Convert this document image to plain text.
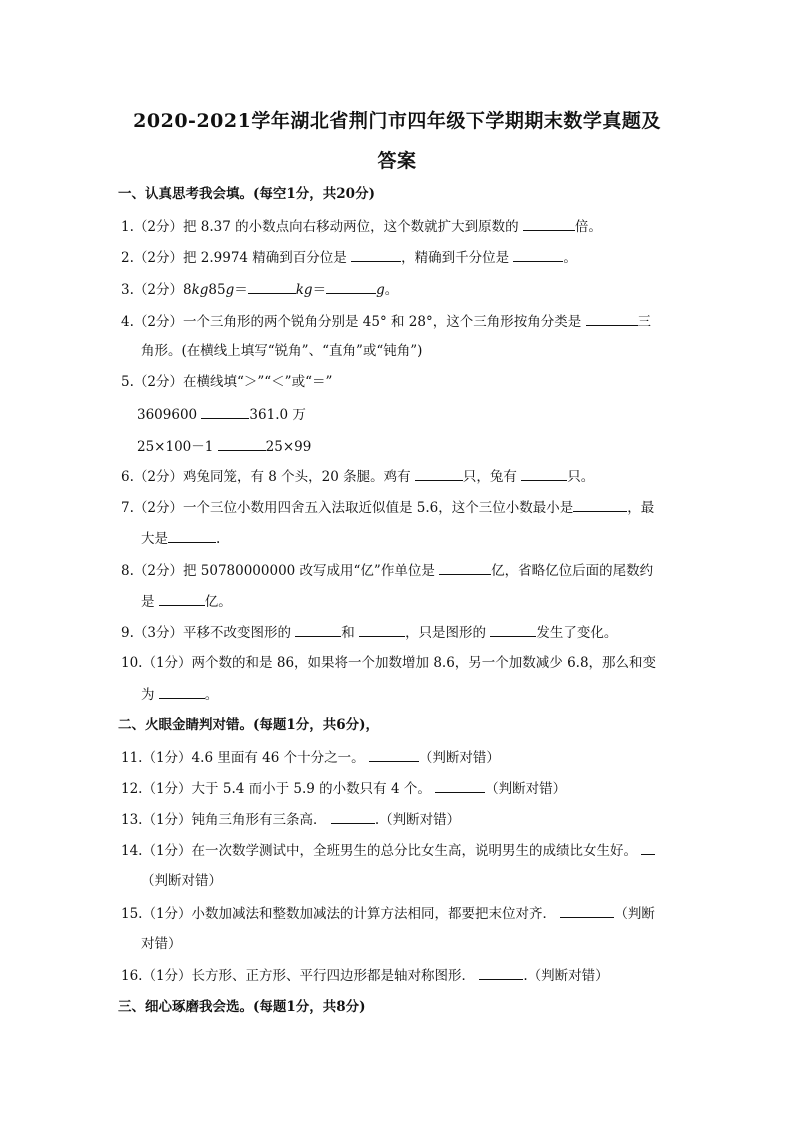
2020-2021学年湖北省荆门市四年级下学期期末数学真题及
答案
一、认真思考我会填。(每空1分，共20分)
1.（2分）把 8.37 的小数点向右移动两位，这个数就扩大到原数的	倍。
2.（2分）把 2.9974 精确到百分位是	，精确到千分位是	。
3.（2分）8kg85g＝	kg＝	g。
4.（2分）一个三角形的两个锐角分别是 45° 和 28°，这个三角形按角分类是	三
角形。(在横线上填写“锐角”、“直角”或“钝角”)
5.（2分）在横线填“＞”“＜”或“＝”
3609600	361.0 万
25×100－1	25×99
6.（2分）鸡兔同笼，有 8 个头，20 条腿。鸡有	只，兔有	只。
7.（2分）一个三位小数用四舍五入法取近似值是 5.6，这个三位小数最小是	，最
大是	.
8.（2分）把 50780000000 改写成用“亿”作单位是	亿，省略亿位后面的尾数约
是	亿。
9.（3分）平移不改变图形的	和	，只是图形的	发生了变化。
10.（1分）两个数的和是 86，如果将一个加数增加 8.6，另一个加数减少 6.8，那么和变
为	。
二、火眼金睛判对错。(每题1分，共6分)，
11.（1分）4.6 里面有 46 个十分之一。	（判断对错）
12.（1分）大于 5.4 而小于 5.9 的小数只有 4 个。	（判断对错）
13.（1分）钝角三角形有三条高．	.（判断对错）
14.（1分）在一次数学测试中，全班男生的总分比女生高，说明男生的成绩比女生好。
（判断对错）
15.（1分）小数加减法和整数加减法的计算方法相同，都要把末位对齐．	（判断
对错）
16.（1分）长方形、正方形、平行四边形都是轴对称图形．	.（判断对错）
三、细心琢磨我会选。(每题1分，共8分)
